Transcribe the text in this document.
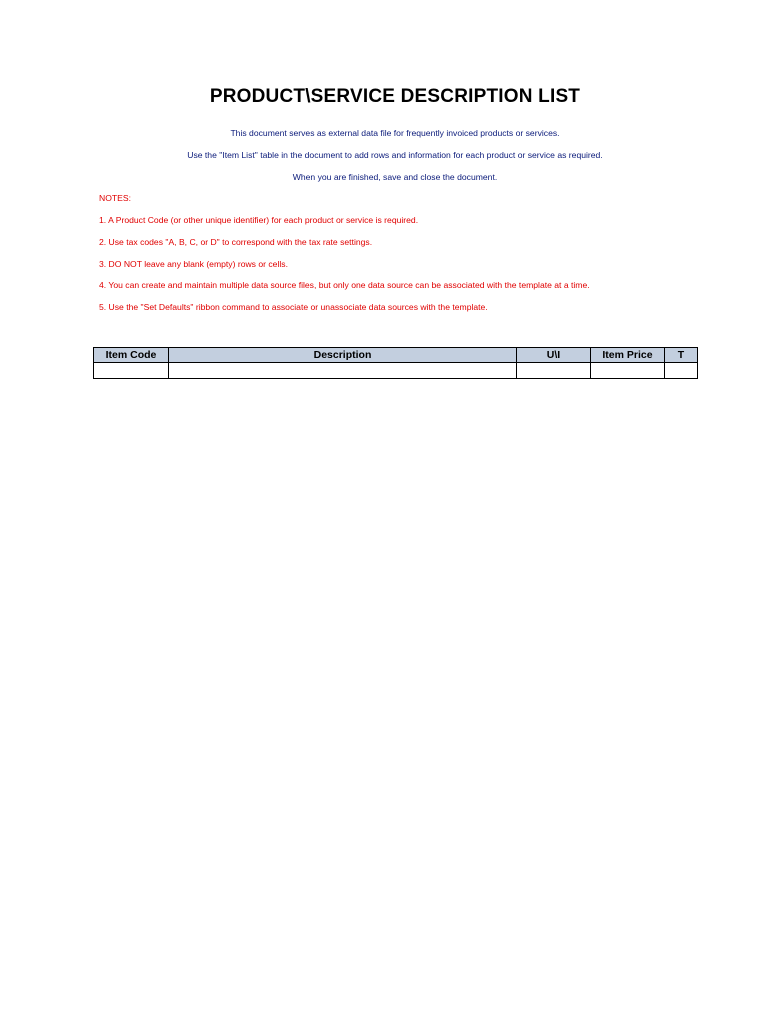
PRODUCT\SERVICE DESCRIPTION LIST
This document serves as external data file for frequently invoiced products or services.
Use the "Item List" table in the document to add rows and information for each product or service as required.
When you are finished, save and close the document.
NOTES:
1. A Product Code (or other unique identifier) for each product or service is required.
2. Use tax codes "A, B, C, or D" to correspond with the tax rate settings.
3. DO NOT leave any blank (empty) rows or cells.
4. You can create and maintain multiple data source files, but only one data source can be associated with the template at a time.
5. Use the "Set Defaults" ribbon command to associate or unassociate data sources with the template.
Item Code	Description	U\I	Item Price	T
